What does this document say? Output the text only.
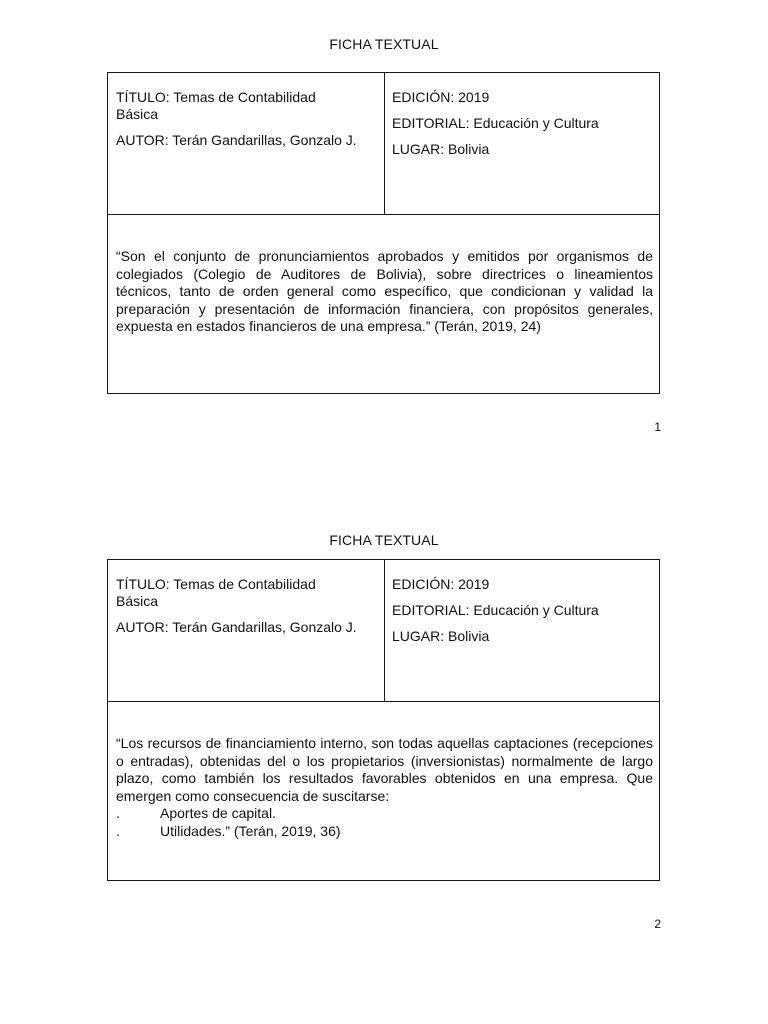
FICHA TEXTUAL

TÍTULO: Temas de Contabilidad

Básica

AUTOR: Terán Gandarillas, Gonzalo J.

EDICIÓN: 2019

EDITORIAL: Educación y Cultura

LUGAR: Bolivia

“Son el conjunto de pronunciamientos aprobados y emitidos por organismos de colegiados (Colegio de Auditores de Bolivia), sobre directrices o lineamientos técnicos, tanto de orden general como específico, que condicionan y validad la preparación y presentación de información financiera, con propósitos generales, expuesta en estados financieros de una empresa.” (Terán, 2019, 24)

1
FICHA TEXTUAL

TÍTULO: Temas de Contabilidad

Básica

AUTOR: Terán Gandarillas, Gonzalo J.

EDICIÓN: 2019

EDITORIAL: Educación y Cultura

LUGAR: Bolivia

“Los recursos de financiamiento interno, son todas aquellas captaciones (recepciones o entradas), obtenidas del o los propietarios (inversionistas) normalmente de largo plazo, como también los resultados favorables obtenidos en una empresa. Que emergen como consecuencia de suscitarse:

.	Aportes de capital.
.	Utilidades.” (Terán, 2019, 36)
2
